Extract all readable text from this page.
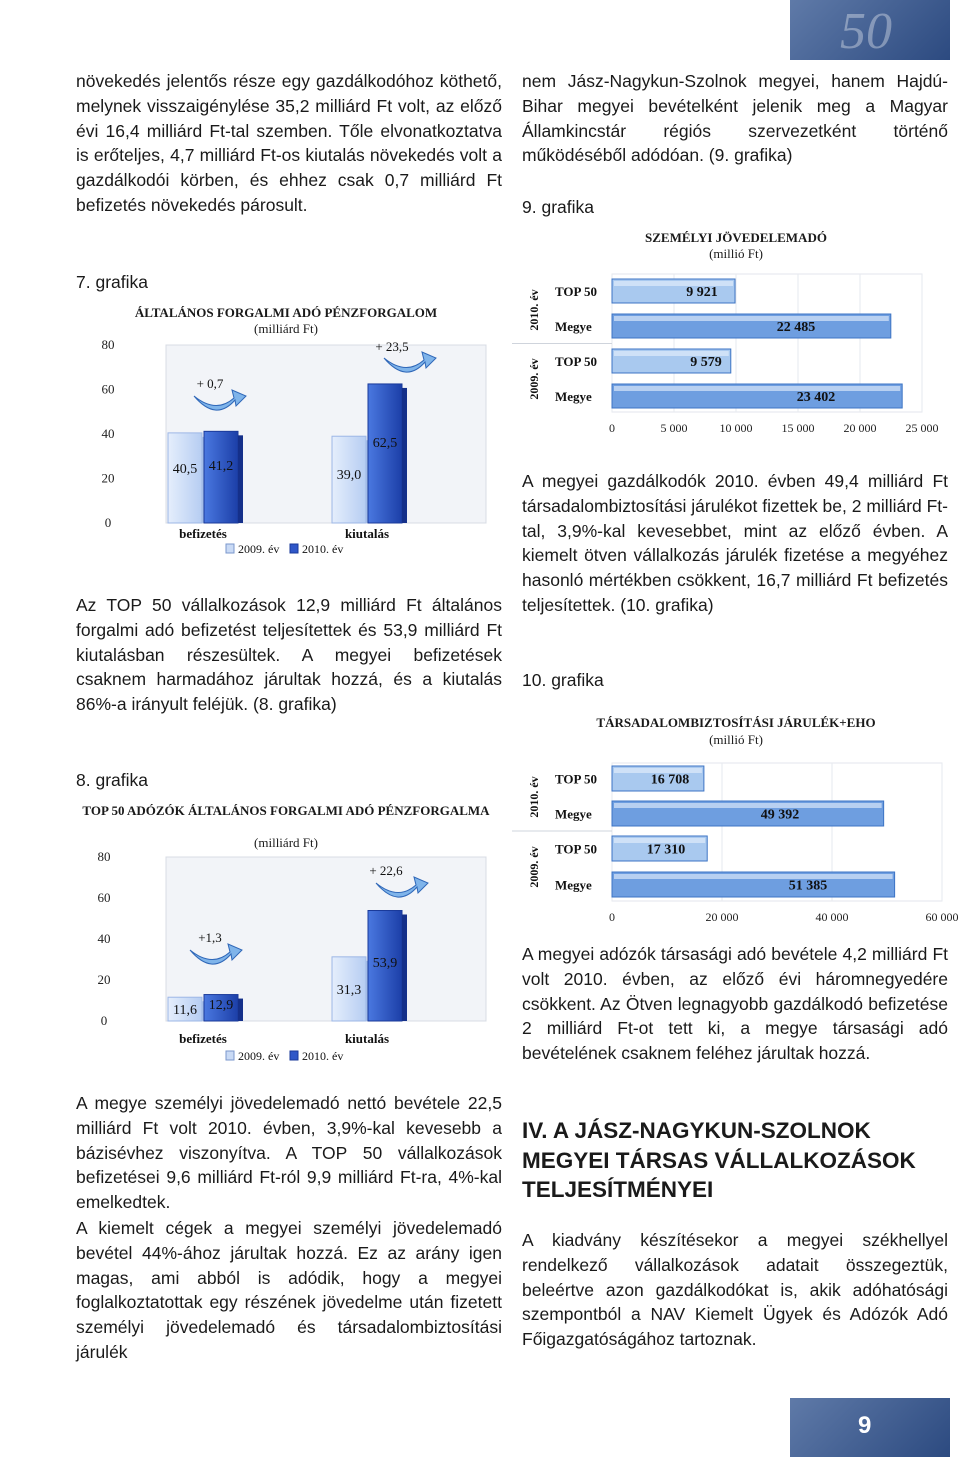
50
9

növekedés jelentős része egy gazdálkodóhoz köthető, melynek visszaigénylése 35,2 milliárd Ft volt, az előző évi 16,4 milliárd Ft-tal szemben. Tőle elvonatkoztatva is erőteljes, 4,7 milliárd Ft-os kiutalás növekedés volt a gazdálkodói körben, és ehhez csak 0,7 milliárd Ft befizetés növekedés párosult.

7. grafika

ÁLTALÁNOS FORGALMI ADÓ PÉNZFORGALOM
(milliárd Ft)
0
20
40
60
80
40,5 41,2
befizetés
39,0
62,5
kiutalás
+ 0,7
+ 23,5
2009. év 2010. év

Az TOP 50 vállalkozások 12,9 milliárd Ft általános forgalmi adó befizetést teljesítettek és 53,9 milliárd Ft kiutalásban részesültek. A megyei befizetések csaknem harmadához járultak hozzá, és a kiutalás 86%-a irányult feléjük. (8. grafika)

8. grafika

TOP 50 ADÓZÓK ÁLTALÁNOS FORGALMI ADÓ PÉNZFORGALMA
(milliárd Ft)
0
20
40
60
80
11,6 12,9
befizetés
31,3
53,9
kiutalás
+1,3
+ 22,6
2009. év 2010. év

A megye személyi jövedelemadó nettó bevétele 22,5 milliárd Ft volt 2010. évben, 3,9%-kal kevesebb a bázisévhez viszonyítva. A TOP 50 vállalkozások befizetései 9,6 milliárd Ft-ról 9,9 milliárd Ft-ra, 4%-kal emelkedtek.

A kiemelt cégek a megyei személyi jövedelemadó bevétel 44%-ához járultak hozzá. Ez az arány igen magas, ami abból is adódik, hogy a megyei foglalkoztatottak egy részének jövedelme után fizetett személyi jövedelemadó és társadalombiztosítási járulék

nem Jász-Nagykun-Szolnok megyei, hanem Hajdú-Bihar megyei bevételként jelenik meg a Magyar Államkincstár régiós szervezetként történő működéséből adódóan. (9. grafika)

9. grafika

SZEMÉLYI JÖVEDELEMADÓ
(millió Ft)
0	5 000	10 000 15 000 20 000 25 000
9 921
TOP 50
22 485
Megye
9 579
TOP 50
23 402
Megye
2010. év
2009. év

A megyei gazdálkodók 2010. évben 49,4 milliárd Ft társadalombiztosítási járulékot fizettek be, 2 milliárd Ft-tal, 3,9%-kal kevesebbet, mint az előző évben. A kiemelt ötven vállalkozás járulék fizetése a megyéhez hasonló mértékben csökkent, 16,7 milliárd Ft befizetés teljesítettek. (10. grafika)

10. grafika

TÁRSADALOMBIZTOSÍTÁSI JÁRULÉK+EHO
(millió Ft)
0	20 000	40 000	60 000
16 708
TOP 50
49 392
Megye
17 310
TOP 50
51 385
Megye
2010. év
2009. év

A megyei adózók társasági adó bevétele 4,2 milliárd Ft volt 2010. évben, az előző évi háromnegyedére csökkent. Az Ötven legnagyobb gazdálkodó befizetése 2 milliárd Ft-ot tett ki, a megye társasági adó bevételének csaknem feléhez járultak hozzá.

IV. A JÁSZ-NAGYKUN-SZOLNOK MEGYEI TÁRSAS VÁLLALKOZÁSOK TELJESÍTMÉNYEI

A kiadvány készítésekor a megyei székhellyel rendelkező vállalkozások adatait összegeztük, beleértve azon gazdálkodókat is, akik adóhatósági szempontból a NAV Kiemelt Ügyek és Adózók Adó Főigazgatóságához tartoznak.
